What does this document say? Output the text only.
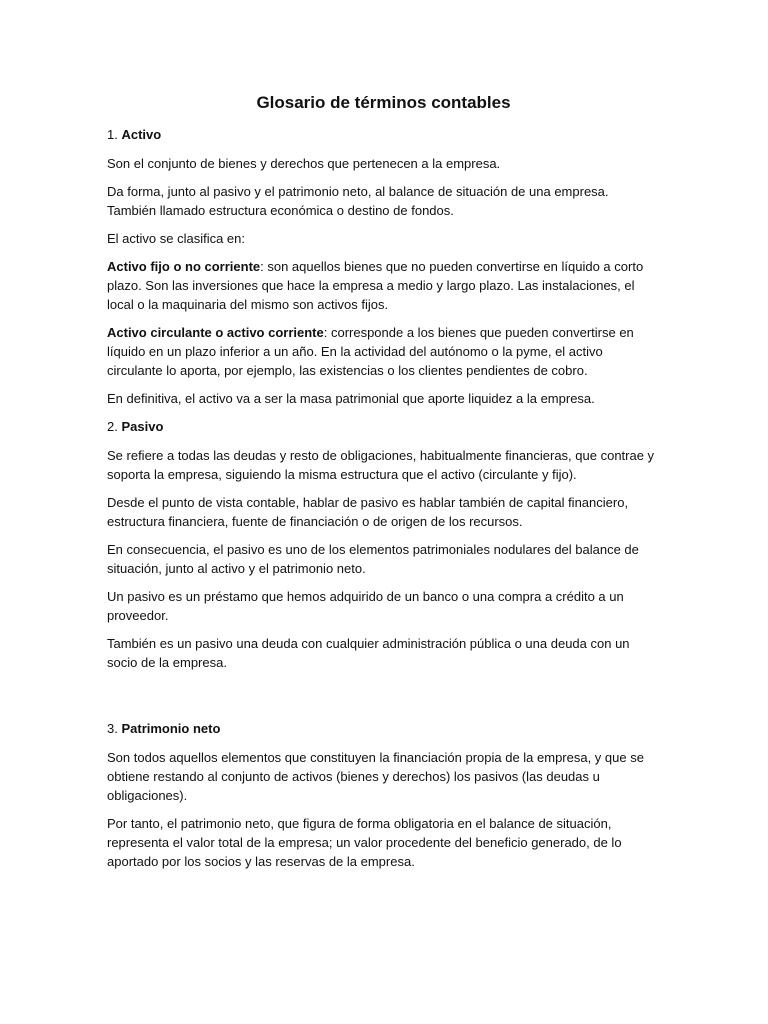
Glosario de términos contables
1. Activo

Son el conjunto de bienes y derechos que pertenecen a la empresa.

Da forma, junto al pasivo y el patrimonio neto, al balance de situación de una empresa. También llamado estructura económica o destino de fondos.

El activo se clasifica en:

Activo fijo o no corriente: son aquellos bienes que no pueden convertirse en líquido a corto plazo. Son las inversiones que hace la empresa a medio y largo plazo. Las instalaciones, el local o la maquinaria del mismo son activos fijos.

Activo circulante o activo corriente: corresponde a los bienes que pueden convertirse en líquido en un plazo inferior a un año. En la actividad del autónomo o la pyme, el activo circulante lo aporta, por ejemplo, las existencias o los clientes pendientes de cobro.

En definitiva, el activo va a ser la masa patrimonial que aporte liquidez a la empresa.

2. Pasivo

Se refiere a todas las deudas y resto de obligaciones, habitualmente financieras, que contrae y soporta la empresa, siguiendo la misma estructura que el activo (circulante y fijo).

Desde el punto de vista contable, hablar de pasivo es hablar también de capital financiero, estructura financiera, fuente de financiación o de origen de los recursos.

En consecuencia, el pasivo es uno de los elementos patrimoniales nodulares del balance de situación, junto al activo y el patrimonio neto.

Un pasivo es un préstamo que hemos adquirido de un banco o una compra a crédito a un proveedor.

También es un pasivo una deuda con cualquier administración pública o una deuda con un socio de la empresa.

3. Patrimonio neto

Son todos aquellos elementos que constituyen la financiación propia de la empresa, y que se obtiene restando al conjunto de activos (bienes y derechos) los pasivos (las deudas u obligaciones).

Por tanto, el patrimonio neto, que figura de forma obligatoria en el balance de situación, representa el valor total de la empresa; un valor procedente del beneficio generado, de lo aportado por los socios y las reservas de la empresa.
